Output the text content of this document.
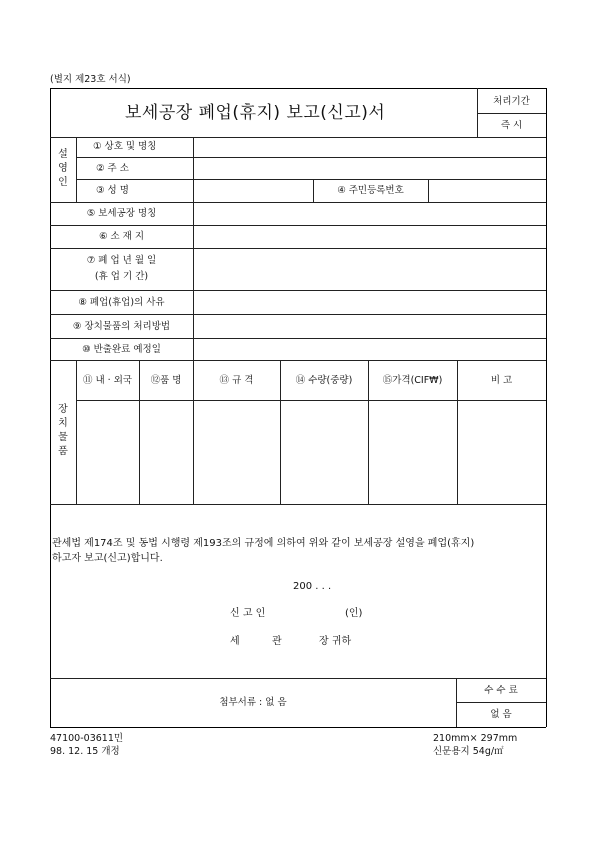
(별지 제23호 서식)
보세공장 폐업(휴지) 보고(신고)서
처리기간
즉 시
설
영
인
① 상호 및 명칭
② 주 소
③ 성 명	④ 주민등록번호
⑤ 보세공장 명칭
⑥ 소 재 지
⑦ 폐 업 년 월 일
(휴 업 기 간)
⑧ 폐업(휴업)의 사유
⑨ 장치물품의 처리방법
⑩ 반출완료 예정일
장
치
물
품
⑪ 내 · 외국	⑫품 명	⑬ 규 격	⑭ 수량(중량)	⑮가격(CIF₩)	비 고
관세법 제174조 및 동법 시행령 제193조의 규정에 의하여 위와 같이 보세공장 설영을 폐업(휴지)
하고자 보고(신고)합니다.
200 . . .
신 고 인	(인)
세	관	장 귀하
첨부서류 : 없 음
수 수 료
없 음
47100-03611민
98. 12. 15 개정
210mm× 297mm
신문용지 54g/㎡
